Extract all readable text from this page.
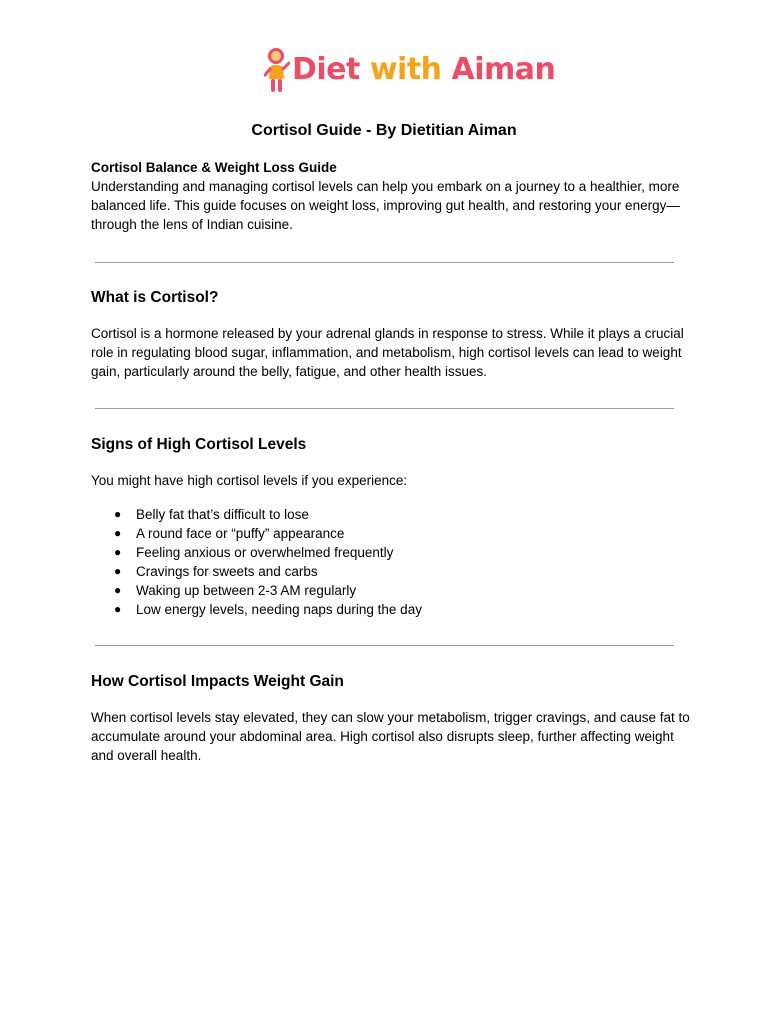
Diet with Aiman
Cortisol Guide - By Dietitian Aiman
Cortisol Balance & Weight Loss Guide
Understanding and managing cortisol levels can help you embark on a journey to a healthier, more balanced life. This guide focuses on weight loss, improving gut health, and restoring your energy—through the lens of Indian cuisine.
What is Cortisol?
Cortisol is a hormone released by your adrenal glands in response to stress. While it plays a crucial role in regulating blood sugar, inflammation, and metabolism, high cortisol levels can lead to weight gain, particularly around the belly, fatigue, and other health issues.
Signs of High Cortisol Levels
You might have high cortisol levels if you experience:
● Belly fat that’s difficult to lose
● A round face or “puffy” appearance
● Feeling anxious or overwhelmed frequently
● Cravings for sweets and carbs
● Waking up between 2-3 AM regularly
● Low energy levels, needing naps during the day
How Cortisol Impacts Weight Gain
When cortisol levels stay elevated, they can slow your metabolism, trigger cravings, and cause fat to accumulate around your abdominal area. High cortisol also disrupts sleep, further affecting weight and overall health.
